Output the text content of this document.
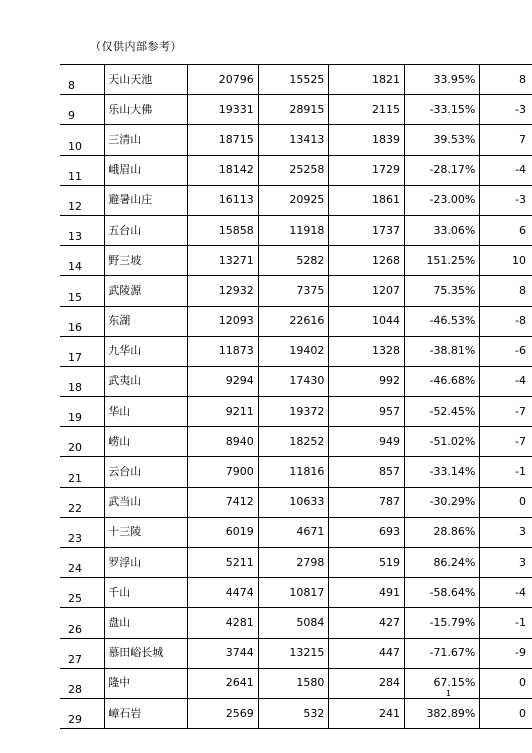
（仅供内部参考）
8	天山天池	20796	15525	1821	33.95%	8
9	乐山大佛	19331	28915	2115	-33.15%	-3
10	三清山	18715	13413	1839	39.53%	7
11	峨眉山	18142	25258	1729	-28.17%	-4
12	避暑山庄	16113	20925	1861	-23.00%	-3
13	五台山	15858	11918	1737	33.06%	6
14	野三坡	13271	5282	1268	151.25%	10
15	武陵源	12932	7375	1207	75.35%	8
16	东湖	12093	22616	1044	-46.53%	-8
17	九华山	11873	19402	1328	-38.81%	-6
18	武夷山	9294	17430	992	-46.68%	-4
19	华山	9211	19372	957	-52.45%	-7
20	崂山	8940	18252	949	-51.02%	-7
21	云台山	7900	11816	857	-33.14%	-1
22	武当山	7412	10633	787	-30.29%	0
23	十三陵	6019	4671	693	28.86%	3
24	罗浮山	5211	2798	519	86.24%	3
25	千山	4474	10817	491	-58.64%	-4
26	盘山	4281	5084	427	-15.79%	-1
27	慕田峪长城	3744	13215	447	-71.67%	-9
28	隆中	2641	1580	284	67.15%	0
29	嶂石岩	2569	532	241	382.89%	0
1
